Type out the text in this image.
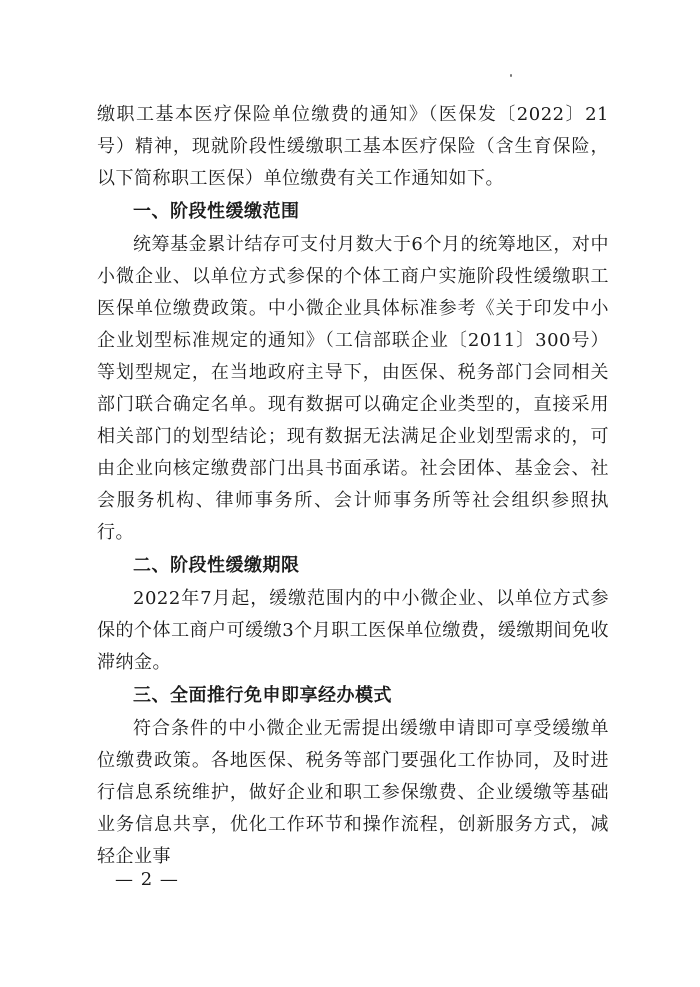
缴职工基本医疗保险单位缴费的通知》（医保发〔2022〕21号）精神，现就阶段性缓缴职工基本医疗保险（含生育保险，以下简称职工医保）单位缴费有关工作通知如下。

一、阶段性缓缴范围

统筹基金累计结存可支付月数大于6个月的统筹地区，对中小微企业、以单位方式参保的个体工商户实施阶段性缓缴职工医保单位缴费政策。中小微企业具体标准参考《关于印发中小企业划型标准规定的通知》（工信部联企业〔2011〕300号）等划型规定，在当地政府主导下，由医保、税务部门会同相关部门联合确定名单。现有数据可以确定企业类型的，直接采用相关部门的划型结论；现有数据无法满足企业划型需求的，可由企业向核定缴费部门出具书面承诺。社会团体、基金会、社会服务机构、律师事务所、会计师事务所等社会组织参照执行。

二、阶段性缓缴期限

2022年7月起，缓缴范围内的中小微企业、以单位方式参保的个体工商户可缓缴3个月职工医保单位缴费，缓缴期间免收滞纳金。

三、全面推行免申即享经办模式

符合条件的中小微企业无需提出缓缴申请即可享受缓缴单位缴费政策。各地医保、税务等部门要强化工作协同，及时进行信息系统维护，做好企业和职工参保缴费、企业缓缴等基础业务信息共享，优化工作环节和操作流程，创新服务方式，减轻企业事

— 2 —
